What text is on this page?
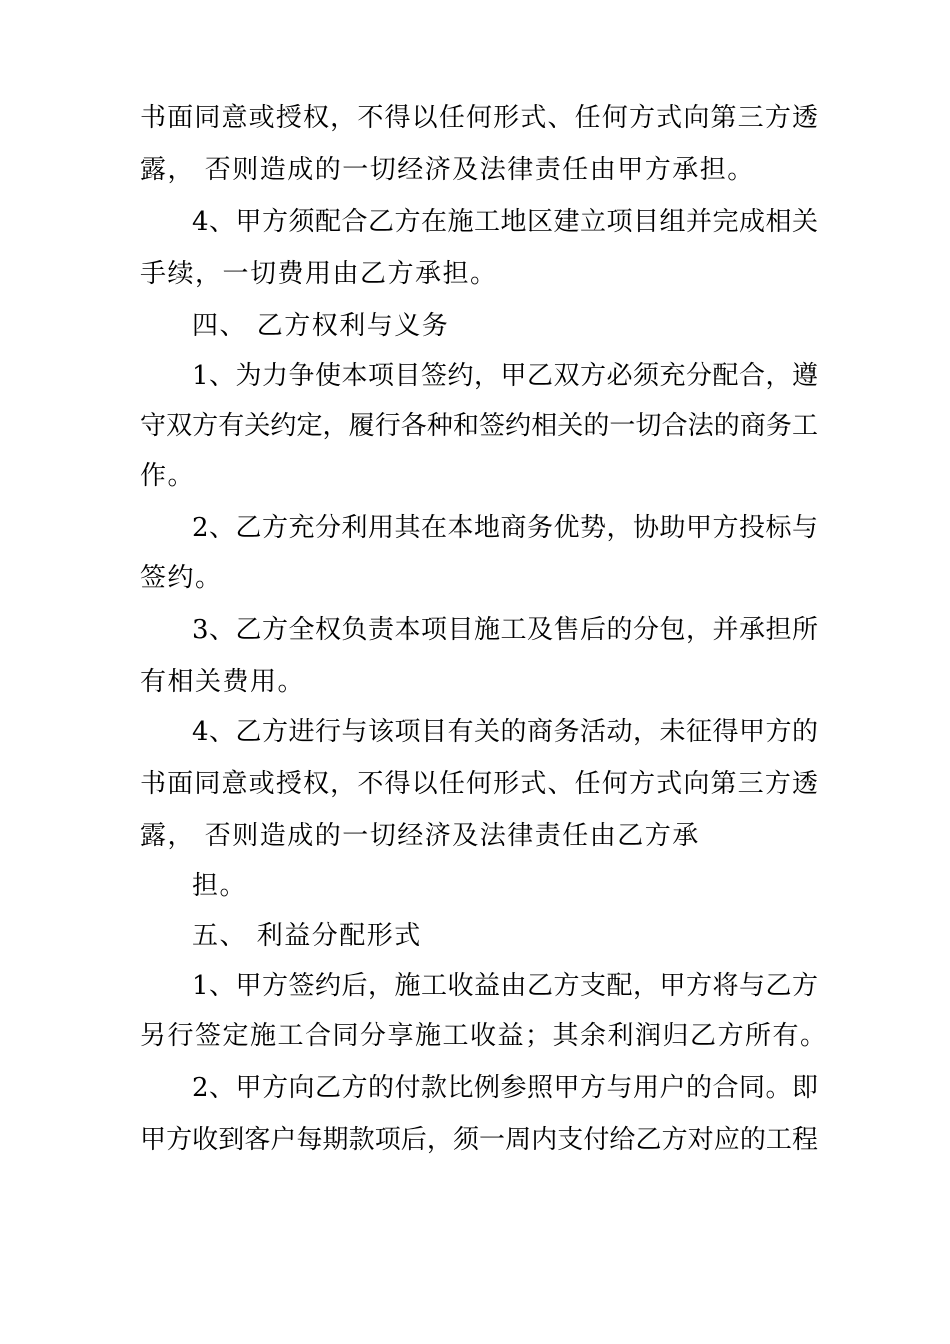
书面同意或授权，不得以任何形式、任何方式向第三方透
露， 否则造成的一切经济及法律责任由甲方承担。
4、甲方须配合乙方在施工地区建立项目组并完成相关
手续，一切费用由乙方承担。
四、 乙方权利与义务
1、为力争使本项目签约，甲乙双方必须充分配合，遵
守双方有关约定，履行各种和签约相关的一切合法的商务工
作。
2、乙方充分利用其在本地商务优势，协助甲方投标与
签约。
3、乙方全权负责本项目施工及售后的分包，并承担所
有相关费用。
4、乙方进行与该项目有关的商务活动，未征得甲方的
书面同意或授权，不得以任何形式、任何方式向第三方透
露， 否则造成的一切经济及法律责任由乙方承
担。
五、 利益分配形式
1、甲方签约后，施工收益由乙方支配，甲方将与乙方
另行签定施工合同分享施工收益；其余利润归乙方所有。
2、甲方向乙方的付款比例参照甲方与用户的合同。即
甲方收到客户每期款项后，须一周内支付给乙方对应的工程
